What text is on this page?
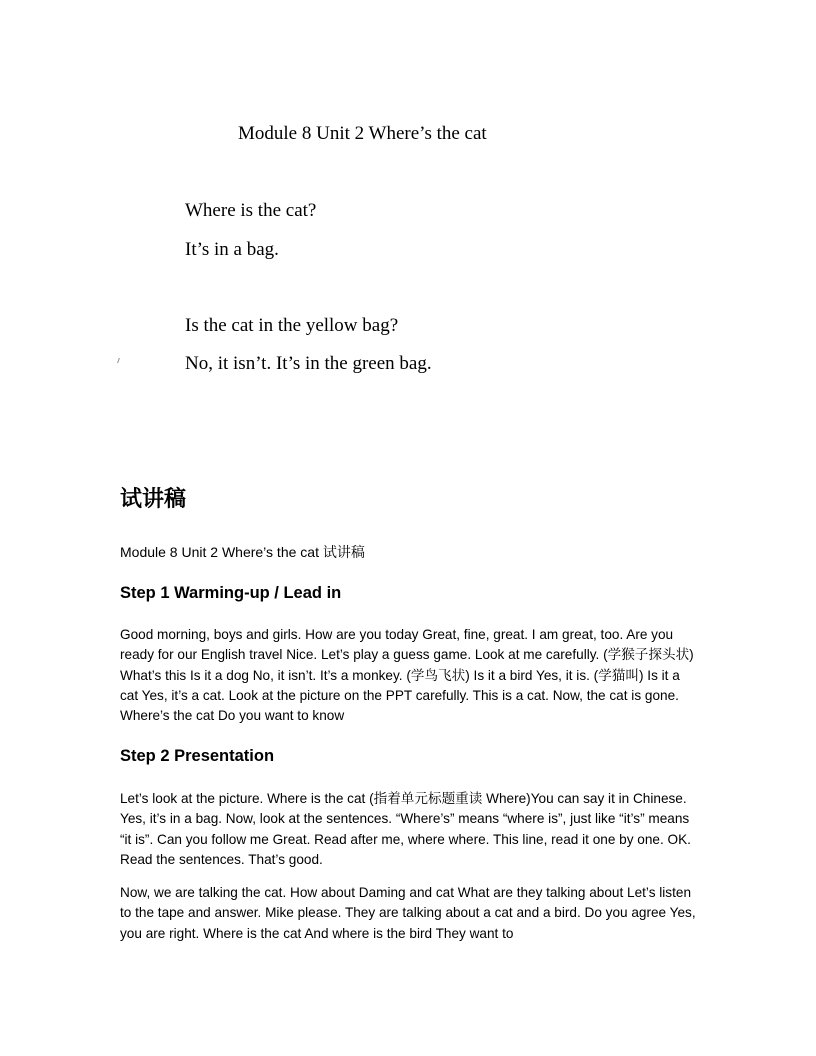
Module 8 Unit 2 Where’s the cat
Where is the cat?
It’s in a bag.
Is the cat in the yellow bag?
No, it isn’t. It’s in the green bag.
试讲稿
Module 8 Unit 2 Where’s the cat 试讲稿
Step 1 Warming-up / Lead in
Good morning, boys and girls. How are you today Great, fine, great. I am great, too. Are you ready for our English travel Nice. Let’s play a guess game. Look at me carefully. (学猴子探头状) What’s this Is it a dog No, it isn’t. It’s a monkey. (学鸟飞状) Is it a bird Yes, it is. (学猫叫) Is it a cat Yes, it’s a cat. Look at the picture on the PPT carefully. This is a cat. Now, the cat is gone. Where’s the cat Do you want to know
Step 2 Presentation
Let’s look at the picture. Where is the cat (指着单元标题重读 Where)You can say it in Chinese. Yes, it’s in a bag. Now, look at the sentences. “Where’s” means “where is”, just like “it’s” means “it is”. Can you follow me Great. Read after me, where where. This line, read it one by one. OK. Read the sentences. That’s good.
Now, we are talking the cat. How about Daming and cat What are they talking about Let’s listen to the tape and answer. Mike please. They are talking about a cat and a bird. Do you agree Yes, you are right. Where is the cat And where is the bird They want to
